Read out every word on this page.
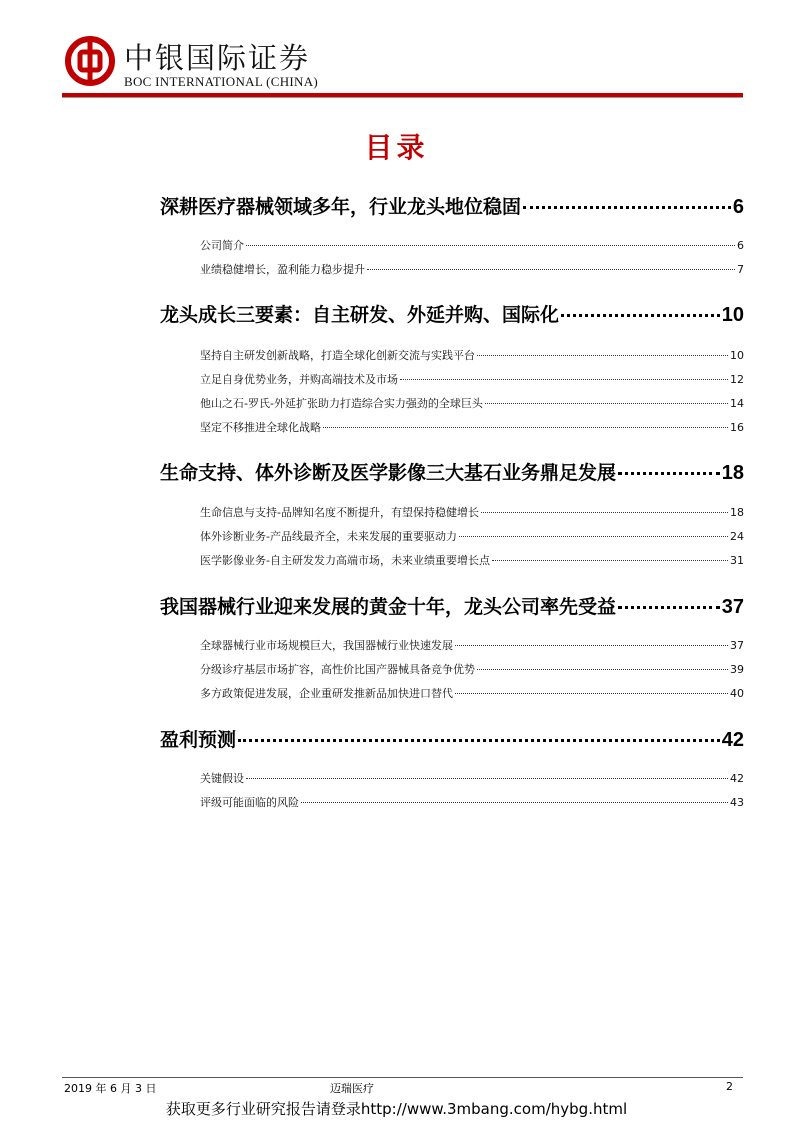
中银国际证券
BOC INTERNATIONAL (CHINA)
目录
深耕医疗器械领域多年，行业龙头地位稳固	6
公司简介	6
业绩稳健增长，盈利能力稳步提升	7
龙头成长三要素：自主研发、外延并购、国际化	10
坚持自主研发创新战略，打造全球化创新交流与实践平台	10
立足自身优势业务，并购高端技术及市场	12
他山之石-罗氏-外延扩张助力打造综合实力强劲的全球巨头	14
坚定不移推进全球化战略	16
生命支持、体外诊断及医学影像三大基石业务鼎足发展	18
生命信息与支持-品牌知名度不断提升，有望保持稳健增长	18
体外诊断业务-产品线最齐全，未来发展的重要驱动力	24
医学影像业务-自主研发发力高端市场，未来业绩重要增长点	31
我国器械行业迎来发展的黄金十年，龙头公司率先受益	37
全球器械行业市场规模巨大，我国器械行业快速发展	37
分级诊疗基层市场扩容，高性价比国产器械具备竞争优势	39
多方政策促进发展，企业重研发推新品加快进口替代	40
盈利预测	42
关键假设	42
评级可能面临的风险	43
2019 年 6 月 3 日	迈瑞医疗	2
获取更多行业研究报告请登录http://www.3mbang.com/hybg.html
